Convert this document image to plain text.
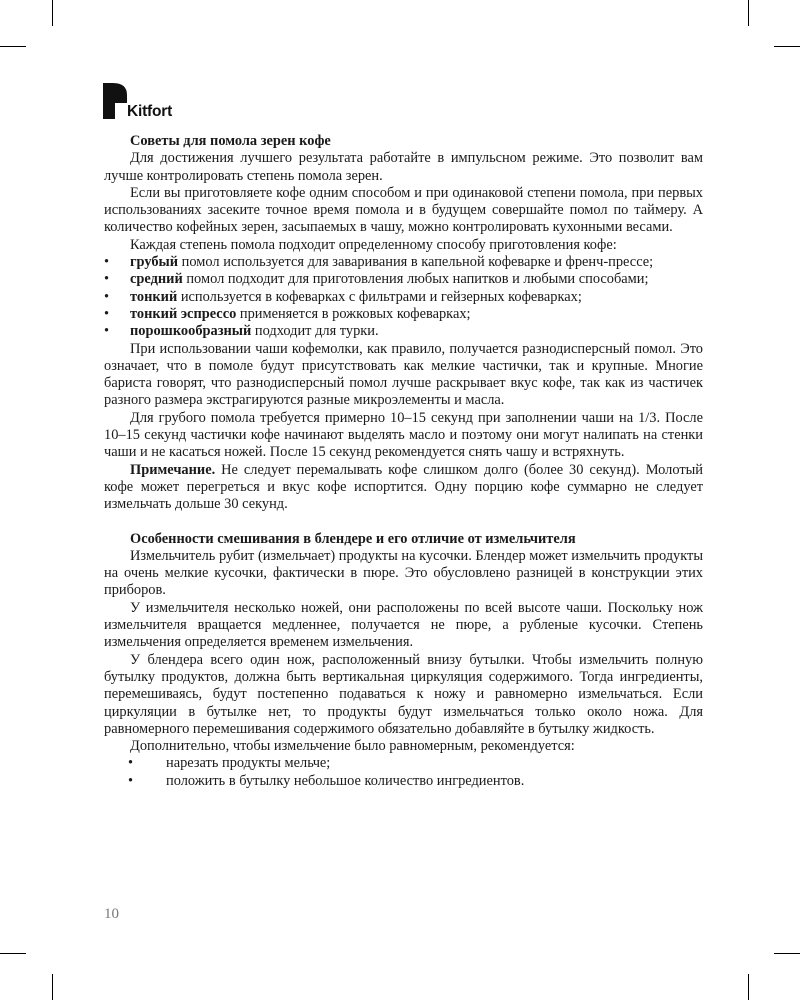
Kitfort
Советы для помола зерен кофе

Для достижения лучшего результата работайте в импульсном режиме. Это позволит вам лучше контролировать степень помола зерен.

Если вы приготовляете кофе одним способом и при одинаковой степени помола, при первых использованиях засеките точное время помола и в будущем совершайте помол по таймеру. А количество кофейных зерен, засыпаемых в чашу, можно контролировать кухонными весами.

Каждая степень помола подходит определенному способу приготовления кофе:

• грубый помол используется для заваривания в капельной кофеварке и френч-прессе;
• средний помол подходит для приготовления любых напитков и любыми способами;
• тонкий используется в кофеварках с фильтрами и гейзерных кофеварках;
• тонкий эспрессо применяется в рожковых кофеварках;
• порошкообразный подходит для турки.

При использовании чаши кофемолки, как правило, получается разнодисперсный помол. Это означает, что в помоле будут присутствовать как мелкие частички, так и крупные. Многие бариста говорят, что разнодисперсный помол лучше раскрывает вкус кофе, так как из частичек разного размера экстрагируются разные микроэлементы и масла.

Для грубого помола требуется примерно 10–15 секунд при заполнении чаши на 1/3. После 10–15 секунд частички кофе начинают выделять масло и поэтому они могут налипать на стенки чаши и не касаться ножей. После 15 секунд рекомендуется снять чашу и встряхнуть.

Примечание. Не следует перемалывать кофе слишком долго (более 30 секунд). Молотый кофе может перегреться и вкус кофе испортится. Одну порцию кофе суммарно не следует измельчать дольше 30 секунд.

Особенности смешивания в блендере и его отличие от измельчителя

Измельчитель рубит (измельчает) продукты на кусочки. Блендер может измельчить продукты на очень мелкие кусочки, фактически в пюре. Это обусловлено разницей в конструкции этих приборов.

У измельчителя несколько ножей, они расположены по всей высоте чаши. Поскольку нож измельчителя вращается медленнее, получается не пюре, а рубленые кусочки. Степень измельчения определяется временем измельчения.

У блендера всего один нож, расположенный внизу бутылки. Чтобы измельчить полную бутылку продуктов, должна быть вертикальная циркуляция содержимого. Тогда ингредиенты, перемешиваясь, будут постепенно подаваться к ножу и равномерно измельчаться. Если циркуляции в бутылке нет, то продукты будут измельчаться только около ножа. Для равномерного перемешивания содержимого обязательно добавляйте в бутылку жидкость.

Дополнительно, чтобы измельчение было равномерным, рекомендуется:

• нарезать продукты мельче;
• положить в бутылку небольшое количество ингредиентов.
10
